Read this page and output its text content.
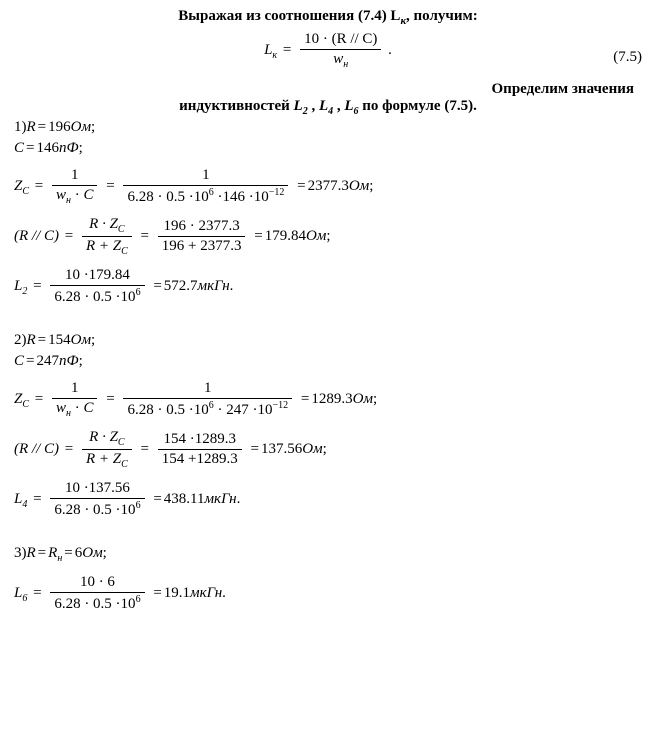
Выражая из соотношения (7.4) $L_к$, получим:
$L_к = \frac{10 \cdot (R // C)}{w_н}$ .	(7.5)
Определим значения
индуктивностей $L_2$ , $L_4$ , $L_6$ по формуле (7.5).
1)R = 196Ом;
C = 146nФ;
ZC = $\frac{1}{w_н \cdot C} = \frac{1}{6.28 \cdot 0.5 \cdot 10^6 \cdot 146 \cdot 10^{-12}} = 2377.3Ом$;
$(R // C) = \frac{R \cdot Z_C}{R + Z_C} = \frac{196 \cdot 2377.3}{196 + 2377.3} = 179.84Ом$;
$L2 = \frac{10 \cdot 179.84}{6.28 \cdot 0.5 \cdot 10^6}$ = 572.7мкГн.
2)R = 154Ом;
C = 247nФ;
ZC = $\frac{1}{w_н \cdot C} = \frac{1}{6.28 \cdot 0.5 \cdot 10^6 \cdot 247 \cdot 10^{-12}} = 1289.3Ом$;
$(R // C) = \frac{R \cdot Z_C}{R + Z_C} = \frac{154 \cdot 1289.3}{154 +1289.3} = 137.56Ом$;
$L4 = \frac{10 \cdot 137.56}{6.28 \cdot 0.5 \cdot 10^6}$ = 438.11мкГн.
3)R = Rн = 6Ом;
$L6 = \frac{10 \cdot 6}{6.28 \cdot 0.5 \cdot 10^6}$ = 19.1мкГн.
